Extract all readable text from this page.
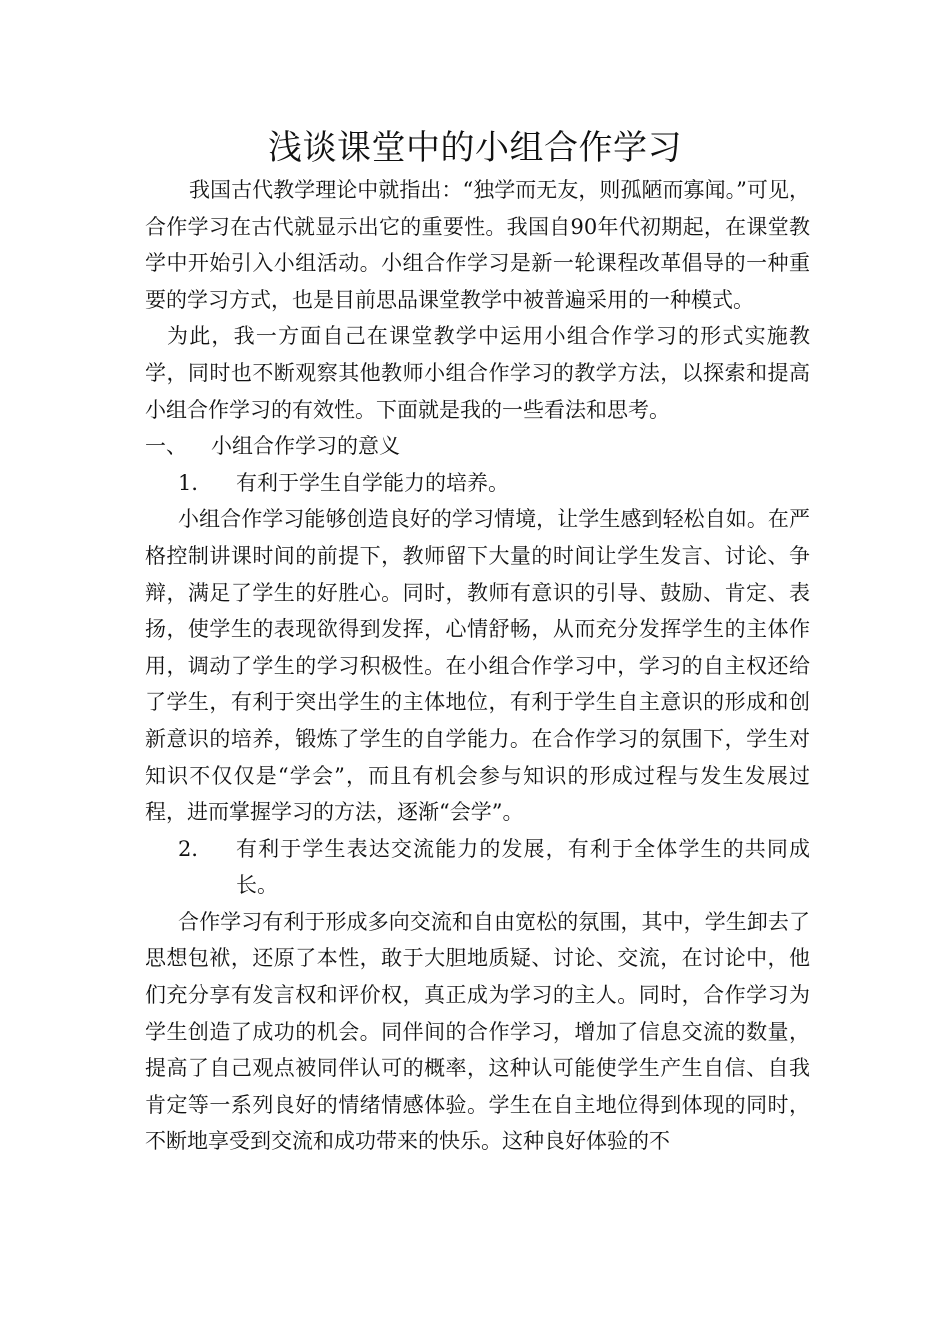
浅谈课堂中的小组合作学习

我国古代教学理论中就指出：“独学而无友，则孤陋而寡闻。”可见，合作学习在古代就显示出它的重要性。我国自90年代初期起，在课堂教学中开始引入小组活动。小组合作学习是新一轮课程改革倡导的一种重要的学习方式，也是目前思品课堂教学中被普遍采用的一种模式。

为此，我一方面自己在课堂教学中运用小组合作学习的形式实施教学，同时也不断观察其他教师小组合作学习的教学方法，以探索和提高小组合作学习的有效性。下面就是我的一些看法和思考。

一、	小组合作学习的意义
1．	有利于学生自学能力的培养。

小组合作学习能够创造良好的学习情境，让学生感到轻松自如。在严格控制讲课时间的前提下，教师留下大量的时间让学生发言、讨论、争辩，满足了学生的好胜心。同时，教师有意识的引导、鼓励、肯定、表扬，使学生的表现欲得到发挥，心情舒畅，从而充分发挥学生的主体作用，调动了学生的学习积极性。在小组合作学习中，学习的自主权还给了学生，有利于突出学生的主体地位，有利于学生自主意识的形成和创新意识的培养，锻炼了学生的自学能力。在合作学习的氛围下，学生对知识不仅仅是“学会”，而且有机会参与知识的形成过程与发生发展过程，进而掌握学习的方法，逐渐“会学”。

2．	有利于学生表达交流能力的发展，有利于全体学生的共同成长。

合作学习有利于形成多向交流和自由宽松的氛围，其中，学生卸去了思想包袱，还原了本性，敢于大胆地质疑、讨论、交流，在讨论中，他们充分享有发言权和评价权，真正成为学习的主人。同时，合作学习为学生创造了成功的机会。同伴间的合作学习，增加了信息交流的数量，提高了自己观点被同伴认可的概率，这种认可能使学生产生自信、自我肯定等一系列良好的情绪情感体验。学生在自主地位得到体现的同时，不断地享受到交流和成功带来的快乐。这种良好体验的不
